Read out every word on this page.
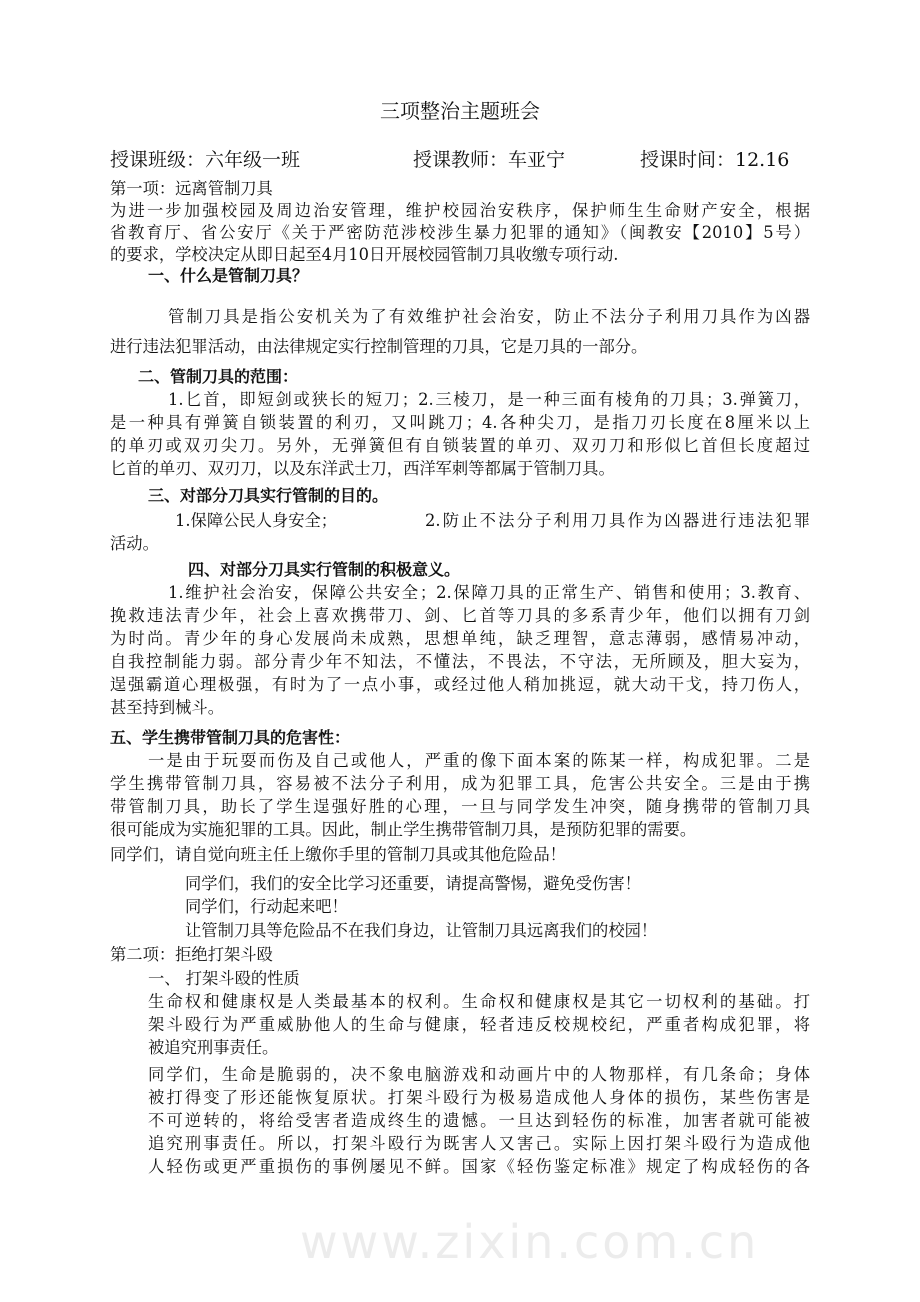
www.zixin.com.cn
三项整治主题班会
授课班级：六年级一班	授课教师：车亚宁	授课时间：12.16
第一项：远离管制刀具
为进一步加强校园及周边治安管理，维护校园治安秩序，保护师生生命财产安全，根据
省教育厅、省公安厅《关于严密防范涉校涉生暴力犯罪的通知》（闽教安【2010】5号）
的要求，学校决定从即日起至4月10日开展校园管制刀具收缴专项行动.
一、什么是管制刀具？
管制刀具是指公安机关为了有效维护社会治安，防止不法分子利用刀具作为凶器
进行违法犯罪活动，由法律规定实行控制管理的刀具，它是刀具的一部分。
二、管制刀具的范围：
1.匕首，即短剑或狭长的短刀；2.三棱刀，是一种三面有棱角的刀具；3.弹簧刀，
是一种具有弹簧自锁装置的利刃，又叫跳刀；4.各种尖刀，是指刀刃长度在8厘米以上
的单刃或双刃尖刀。另外，无弹簧但有自锁装置的单刃、双刃刀和形似匕首但长度超过
匕首的单刃、双刃刀，以及东洋武士刀，西洋军刺等都属于管制刀具。
三、对部分刀具实行管制的目的。
1.保障公民人身安全；	2.防止不法分子利用刀具作为凶器进行违法犯罪
活动。
四、对部分刀具实行管制的积极意义。
1.维护社会治安，保障公共安全；2.保障刀具的正常生产、销售和使用；3.教育、
挽救违法青少年，社会上喜欢携带刀、剑、匕首等刀具的多系青少年，他们以拥有刀剑
为时尚。青少年的身心发展尚未成熟，思想单纯，缺乏理智，意志薄弱，感情易冲动，
自我控制能力弱。部分青少年不知法，不懂法，不畏法，不守法，无所顾及，胆大妄为，
逞强霸道心理极强，有时为了一点小事，或经过他人稍加挑逗，就大动干戈，持刀伤人，
甚至持到械斗。
五、学生携带管制刀具的危害性：
一是由于玩耍而伤及自己或他人，严重的像下面本案的陈某一样，构成犯罪。二是
学生携带管制刀具，容易被不法分子利用，成为犯罪工具，危害公共安全。三是由于携
带管制刀具，助长了学生逞强好胜的心理，一旦与同学发生冲突，随身携带的管制刀具
很可能成为实施犯罪的工具。因此，制止学生携带管制刀具，是预防犯罪的需要。
同学们，请自觉向班主任上缴你手里的管制刀具或其他危险品！
同学们，我们的安全比学习还重要，请提高警惕，避免受伤害！
同学们，行动起来吧！
让管制刀具等危险品不在我们身边，让管制刀具远离我们的校园！
第二项：拒绝打架斗殴
一、 打架斗殴的性质
生命权和健康权是人类最基本的权利。生命权和健康权是其它一切权利的基础。打
架斗殴行为严重威胁他人的生命与健康，轻者违反校规校纪，严重者构成犯罪，将
被追究刑事责任。
同学们，生命是脆弱的，决不象电脑游戏和动画片中的人物那样，有几条命；身体
被打得变了形还能恢复原状。打架斗殴行为极易造成他人身体的损伤，某些伤害是
不可逆转的，将给受害者造成终生的遗憾。一旦达到轻伤的标准，加害者就可能被
追究刑事责任。所以，打架斗殴行为既害人又害己。实际上因打架斗殴行为造成他
人轻伤或更严重损伤的事例屡见不鲜。国家《轻伤鉴定标准》规定了构成轻伤的各
